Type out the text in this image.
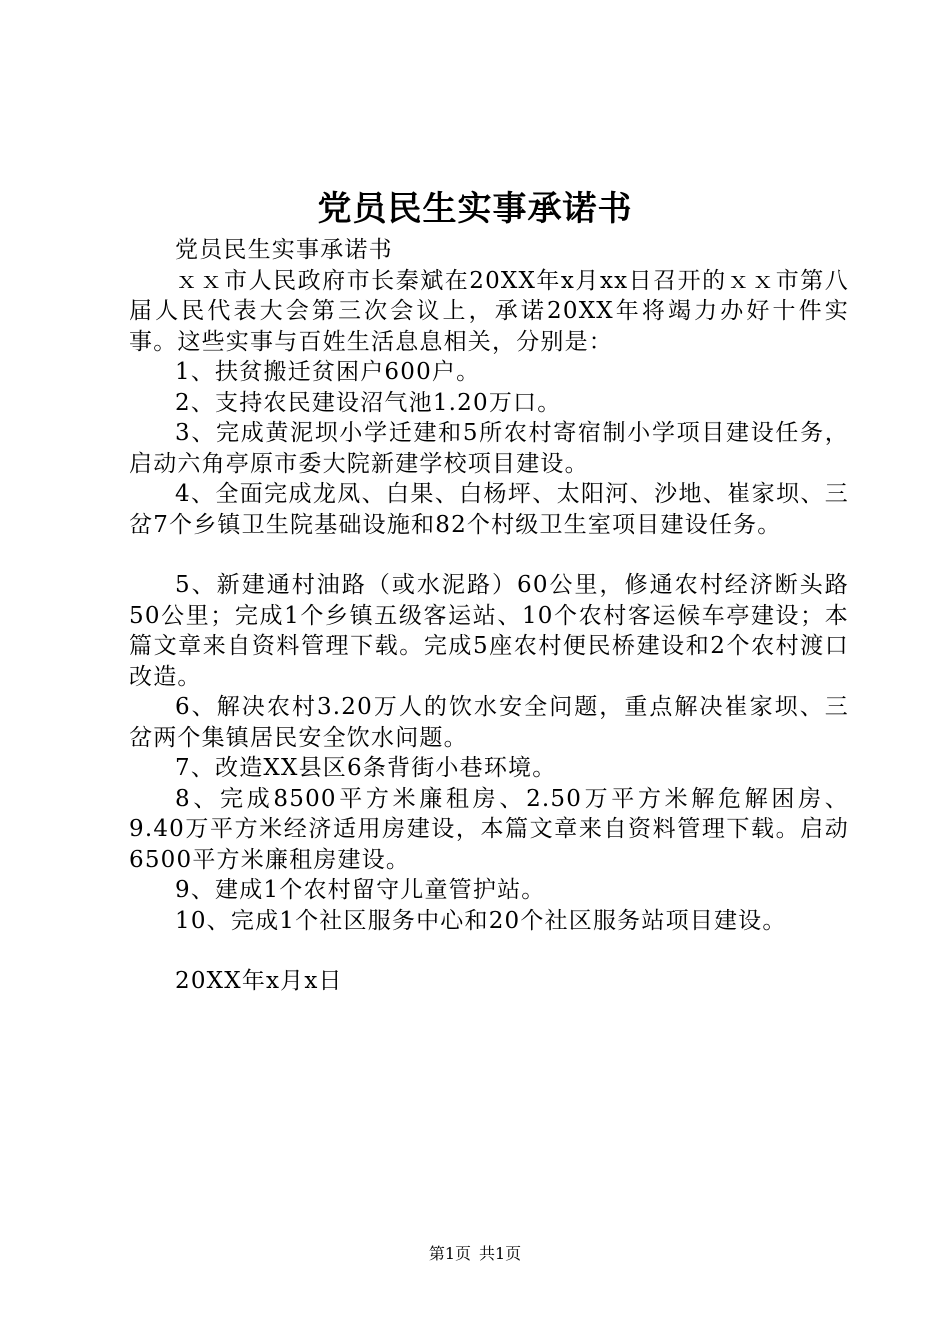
党员民生实事承诺书

党员民生实事承诺书

ｘｘ市人民政府市长秦斌在20XX年x月xx日召开的ｘｘ市第八届人民代表大会第三次会议上，承诺20XX年将竭力办好十件实事。这些实事与百姓生活息息相关，分别是：

1、扶贫搬迁贫困户600户。

2、支持农民建设沼气池1.20万口。

3、完成黄泥坝小学迁建和5所农村寄宿制小学项目建设任务，启动六角亭原市委大院新建学校项目建设。

4、全面完成龙凤、白果、白杨坪、太阳河、沙地、崔家坝、三岔7个乡镇卫生院基础设施和82个村级卫生室项目建设任务。

5、新建通村油路（或水泥路）60公里，修通农村经济断头路50公里；完成1个乡镇五级客运站、10个农村客运候车亭建设；本篇文章来自资料管理下载。完成5座农村便民桥建设和2个农村渡口改造。

6、解决农村3.20万人的饮水安全问题，重点解决崔家坝、三岔两个集镇居民安全饮水问题。

7、改造XX县区6条背街小巷环境。

8、完成8500平方米廉租房、2.50万平方米解危解困房、9.40万平方米经济适用房建设，本篇文章来自资料管理下载。启动6500平方米廉租房建设。

9、建成1个农村留守儿童管护站。

10、完成1个社区服务中心和20个社区服务站项目建设。

20XX年x月x日

第1页 共1页
